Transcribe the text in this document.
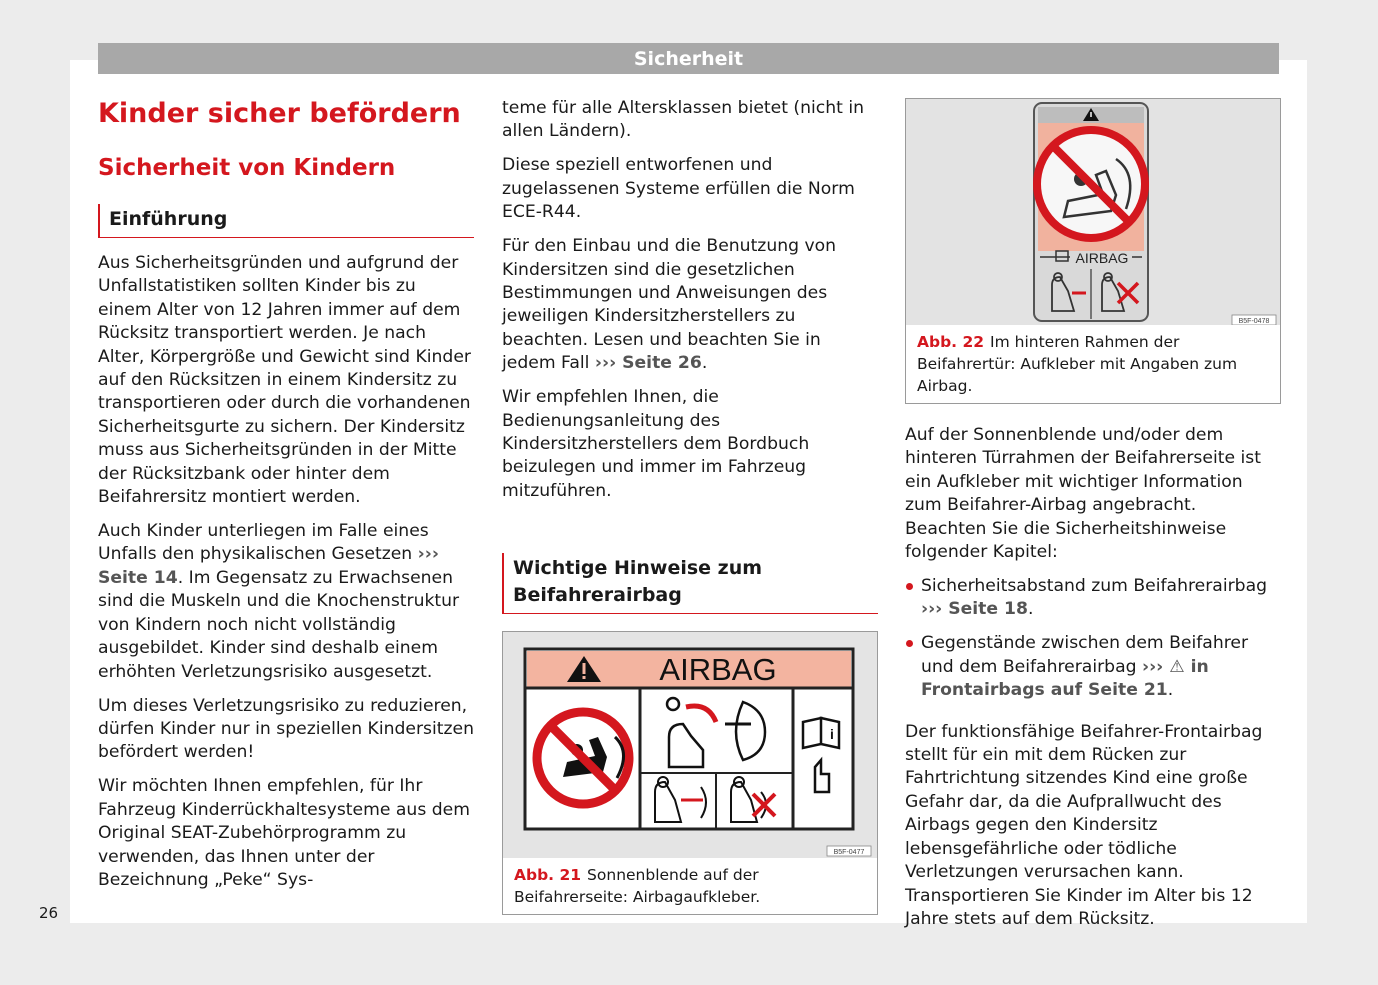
Sicherheit
Kinder sicher befördern
Sicherheit von Kindern
Einführung

Aus Sicherheitsgründen und aufgrund der Unfallstatistiken sollten Kinder bis zu einem Alter von 12 Jahren immer auf dem Rücksitz transportiert werden. Je nach Alter, Körpergröße und Gewicht sind Kinder auf den Rücksitzen in einem Kindersitz zu transportieren oder durch die vorhandenen Sicherheitsgurte zu sichern. Der Kindersitz muss aus Sicherheitsgründen in der Mitte der Rücksitzbank oder hinter dem Beifahrersitz montiert werden.

Auch Kinder unterliegen im Falle eines Unfalls den physikalischen Gesetzen ››› Seite 14. Im Gegensatz zu Erwachsenen sind die Muskeln und die Knochenstruktur von Kindern noch nicht vollständig ausgebildet. Kinder sind deshalb einem erhöhten Verletzungsrisiko ausgesetzt.

Um dieses Verletzungsrisiko zu reduzieren, dürfen Kinder nur in speziellen Kindersitzen befördert werden!

Wir möchten Ihnen empfehlen, für Ihr Fahrzeug Kinderrückhaltesysteme aus dem Original SEAT-Zubehörprogramm zu verwenden, das Ihnen unter der Bezeichnung „Peke“ Sys-

teme für alle Altersklassen bietet (nicht in allen Ländern).

Diese speziell entworfenen und zugelassenen Systeme erfüllen die Norm ECE-R44.

Für den Einbau und die Benutzung von Kindersitzen sind die gesetzlichen Bestimmungen und Anweisungen des jeweiligen Kindersitzherstellers zu beachten. Lesen und beachten Sie in jedem Fall ››› Seite 26.

Wir empfehlen Ihnen, die Bedienungsanleitung des Kindersitzherstellers dem Bordbuch beizulegen und immer im Fahrzeug mitzuführen.

Wichtige Hinweise zum Beifahrerairbag
AIRBAG
i
B5F-0477
Abb. 21 Sonnenblende auf der Beifahrerseite: Airbagaufkleber.
AIRBAG
B5F-0478
Abb. 22 Im hinteren Rahmen der Beifahrertür: Aufkleber mit Angaben zum Airbag.

Auf der Sonnenblende und/oder dem hinteren Türrahmen der Beifahrerseite ist ein Aufkleber mit wichtiger Information zum Beifahrer-Airbag angebracht. Beachten Sie die Sicherheitshinweise folgender Kapitel:

Sicherheitsabstand zum Beifahrerairbag ››› Seite 18.

Gegenstände zwischen dem Beifahrer und dem Beifahrerairbag ››› ⚠ in Frontairbags auf Seite 21.

Der funktionsfähige Beifahrer-Frontairbag stellt für ein mit dem Rücken zur Fahrtrichtung sitzendes Kind eine große Gefahr dar, da die Aufprallwucht des Airbags gegen den Kindersitz lebensgefährliche oder tödliche Verletzungen verursachen kann. Transportieren Sie Kinder im Alter bis 12 Jahre stets auf dem Rücksitz.

26
